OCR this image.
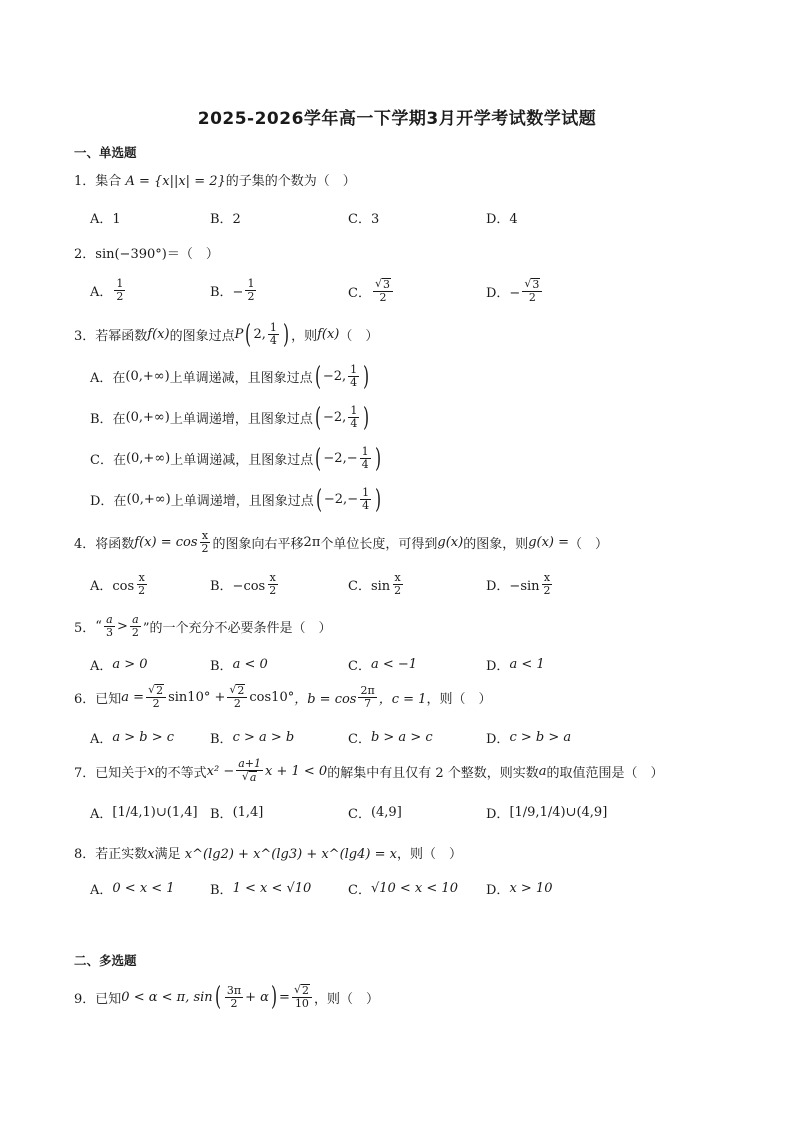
2025-2026学年高一下学期3月开学考试数学试题
一、单选题
1．集合 A = {x||x| = 2}的子集的个数为（　）
A．1	B．2	C．3	D．4
2．sin(−390°)＝（　）
A． $\frac{1}{2}$	B．− $\frac{1}{2}$	C． $\frac{√ 3}{2}$	D．− $\frac{√ 3}{2}$
3． 若幂函数 f(x) 的图象过点 P ( 2, $\frac{1}{4}$ ) ，则 f(x) （　）
A．在 (0,+∞) 上单调递减，且图象过点 ( −2, $\frac{1}{4}$ )
B．在 (0,+∞) 上单调递增，且图象过点 ( −2, $\frac{1}{4}$ )
C．在 (0,+∞) 上单调递减，且图象过点 ( −2, − $\frac{1}{4}$ )
D．在 (0,+∞) 上单调递增，且图象过点 ( −2, − $\frac{1}{4}$ )
4． 将函数 $f(x) = \cos \frac{x}{2}$ 的图象向右平移 2π 个单位长度，可得到 g(x) 的图象，则 g(x) = （　）
A．$\cos \frac{x}{2}$	B．$-\cos \frac{x}{2}$	C．$\sin \frac{x}{2}$	D．$-\sin \frac{x}{2}$
5． “ $\frac{a}{3} > \frac{a}{2}$ ”的一个充分不必要条件是（　）
A． a > 0	B． a < 0	C． a < −1	D． a < 1
6． 已知 $a = \frac{√ 2}{2} \sin 10^\circ + \frac{√ 2}{2} \cos 10^\circ$ ，$b = \cos \frac{2\pi}{7}$ ，c = 1 ，则（　）
A． a > b > c	B． c > a > b	C． b > a > c	D． c > b > a
7． 已知关于 x 的不等式 $x^2 - \frac{a+1}{√ a}$ x + 1 < 0 的解集中有且仅有 2 个整数，则实数 a 的取值范围是（　）
A． [1/4,1)∪(1,4] B． (1,4]	C． (4,9]	D． [1/9,1/4)∪(4,9]
8．若正实数x满足 x^(lg2) + x^(lg3) + x^(lg4) = x，则（　）
A． 0 < x < 1	B． 1 < x < √10	C． √10 < x < 10 D． x > 10
二、多选题
9． 已知 0 < α < π, sin ( $\frac{3\pi}{2} + \alpha$ ) = $\frac{√ 2}{10}$ ，则（　）
